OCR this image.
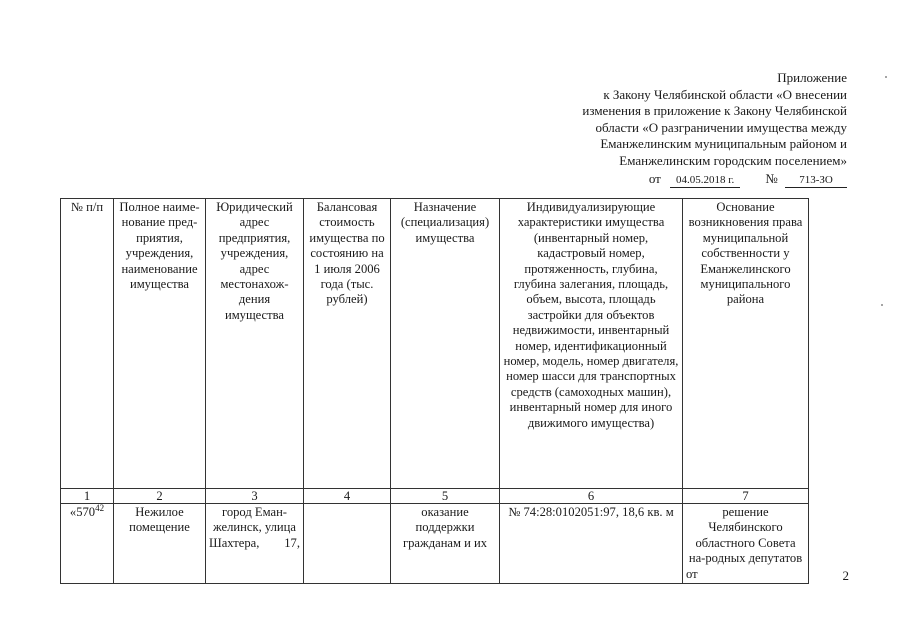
Приложение
к Закону Челябинской области «О внесении
изменения в приложение к Закону Челябинской
области «О разграничении имущества между
Еманжелинским муниципальным районом и
Еманжелинским городским поселением»
от 04.05.2018 г. № 713-ЗО
№ п/п	Полное наиме-нование пред-приятия, учреждения, наименование имущества	Юридический адрес предприятия, учреждения, адрес местонахож-дения имущества	Балансовая стоимость имущества по состоянию на 1 июля 2006 года (тыс. рублей)	Назначение (специализация) имущества	Индивидуализирующие характеристики имущества (инвентарный номер, кадастровый номер, протяженность, глубина, глубина залегания, площадь, объем, высота, площадь застройки для объектов недвижимости, инвентарный номер, идентификационный номер, модель, номер двигателя, номер шасси для транспортных средств (самоходных машин), инвентарный номер для иного движимого имущества)	Основание возникновения права муниципальной собственности у Еманжелинского муниципального района
1	2	3	4	5	6	7
«$570^{42}$	Нежилое помещение	город Еман-желинск, улица Шахтера, 17,		оказание поддержки гражданам и их	№ 74:28:0102051:97, 18,6 кв. м	решение Челябинского областного Совета на-родных депутатов от	2
